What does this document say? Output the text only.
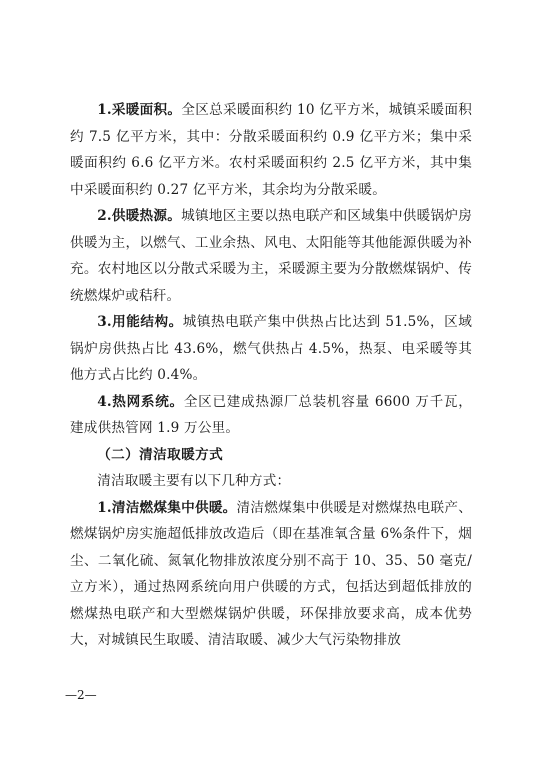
1.采暖面积。全区总采暖面积约 10 亿平方米，城镇采暖面积约 7.5 亿平方米，其中：分散采暖面积约 0.9 亿平方米；集中采暖面积约 6.6 亿平方米。农村采暖面积约 2.5 亿平方米，其中集中采暖面积约 0.27 亿平方米，其余均为分散采暖。

2.供暖热源。城镇地区主要以热电联产和区域集中供暖锅炉房供暖为主，以燃气、工业余热、风电、太阳能等其他能源供暖为补充。农村地区以分散式采暖为主，采暖源主要为分散燃煤锅炉、传统燃煤炉或秸秆。

3.用能结构。城镇热电联产集中供热占比达到 51.5%，区域锅炉房供热占比 43.6%，燃气供热占 4.5%，热泵、电采暖等其他方式占比约 0.4%。

4.热网系统。全区已建成热源厂总装机容量 6600 万千瓦，建成供热管网 1.9 万公里。

（二）清洁取暖方式

清洁取暖主要有以下几种方式：

1.清洁燃煤集中供暖。清洁燃煤集中供暖是对燃煤热电联产、燃煤锅炉房实施超低排放改造后（即在基准氧含量 6%条件下，烟尘、二氧化硫、氮氧化物排放浓度分别不高于 10、35、50 毫克/立方米），通过热网系统向用户供暖的方式，包括达到超低排放的燃煤热电联产和大型燃煤锅炉供暖，环保排放要求高，成本优势大，对城镇民生取暖、清洁取暖、减少大气污染物排放

—2—
